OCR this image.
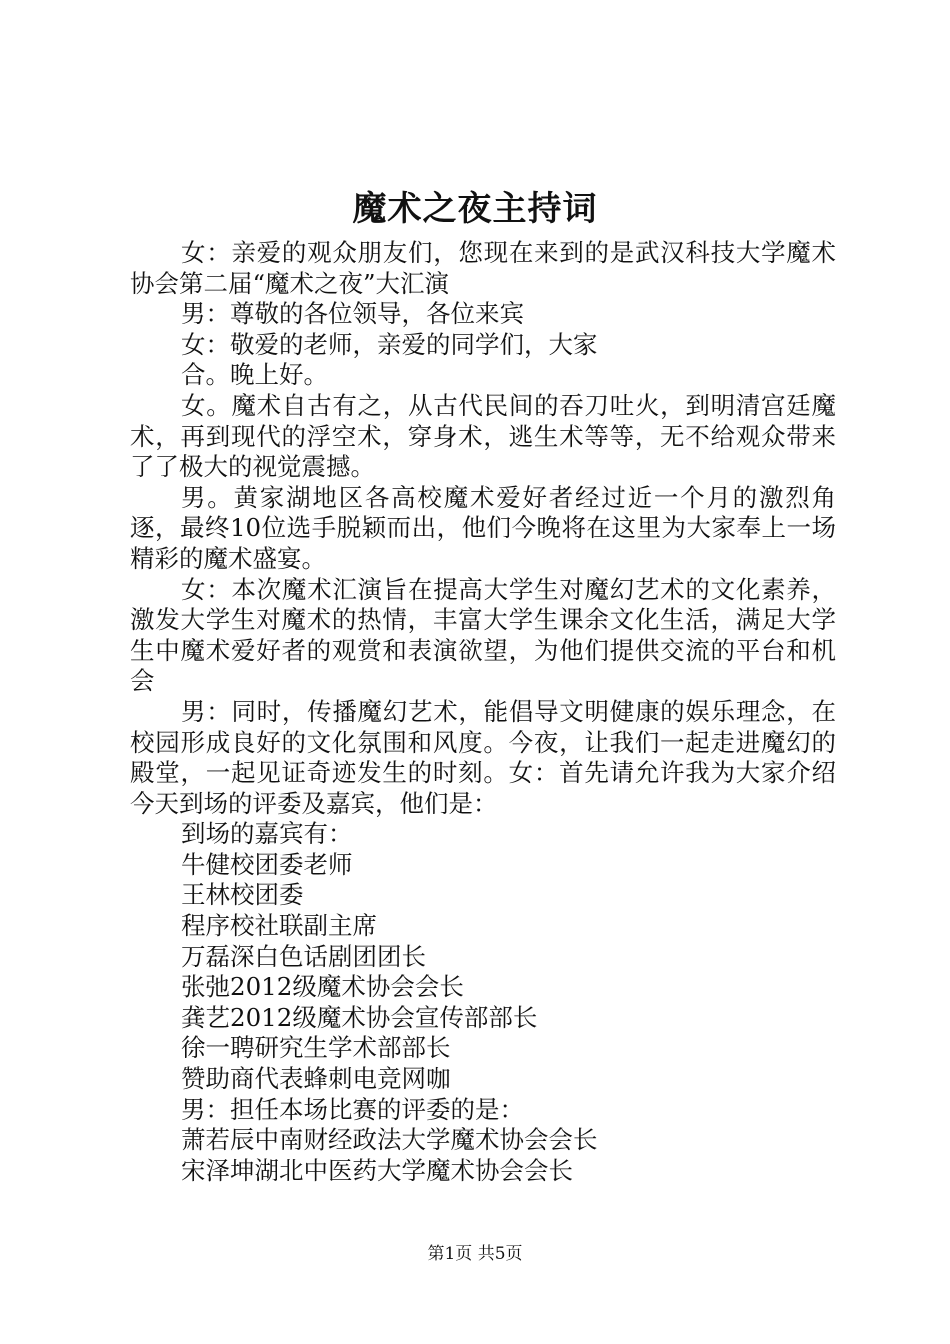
魔术之夜主持词

女：亲爱的观众朋友们，您现在来到的是武汉科技大学魔术协会第二届“魔术之夜”大汇演

男：尊敬的各位领导，各位来宾

女：敬爱的老师，亲爱的同学们，大家

合。晚上好。

女。魔术自古有之，从古代民间的吞刀吐火，到明清宫廷魔术，再到现代的浮空术，穿身术，逃生术等等，无不给观众带来了了极大的视觉震撼。

男。黄家湖地区各高校魔术爱好者经过近一个月的激烈角逐，最终10位选手脱颖而出，他们今晚将在这里为大家奉上一场精彩的魔术盛宴。

女：本次魔术汇演旨在提高大学生对魔幻艺术的文化素养，激发大学生对魔术的热情，丰富大学生课余文化生活，满足大学生中魔术爱好者的观赏和表演欲望，为他们提供交流的平台和机会

男：同时，传播魔幻艺术，能倡导文明健康的娱乐理念，在校园形成良好的文化氛围和风度。今夜，让我们一起走进魔幻的殿堂，一起见证奇迹发生的时刻。女：首先请允许我为大家介绍今天到场的评委及嘉宾，他们是：

到场的嘉宾有：

牛健校团委老师

王林校团委

程序校社联副主席

万磊深白色话剧团团长

张弛2012级魔术协会会长

龚艺2012级魔术协会宣传部部长

徐一聘研究生学术部部长

赞助商代表蜂刺电竞网咖

男：担任本场比赛的评委的是：

萧若辰中南财经政法大学魔术协会会长

宋泽坤湖北中医药大学魔术协会会长

第1页 共5页
